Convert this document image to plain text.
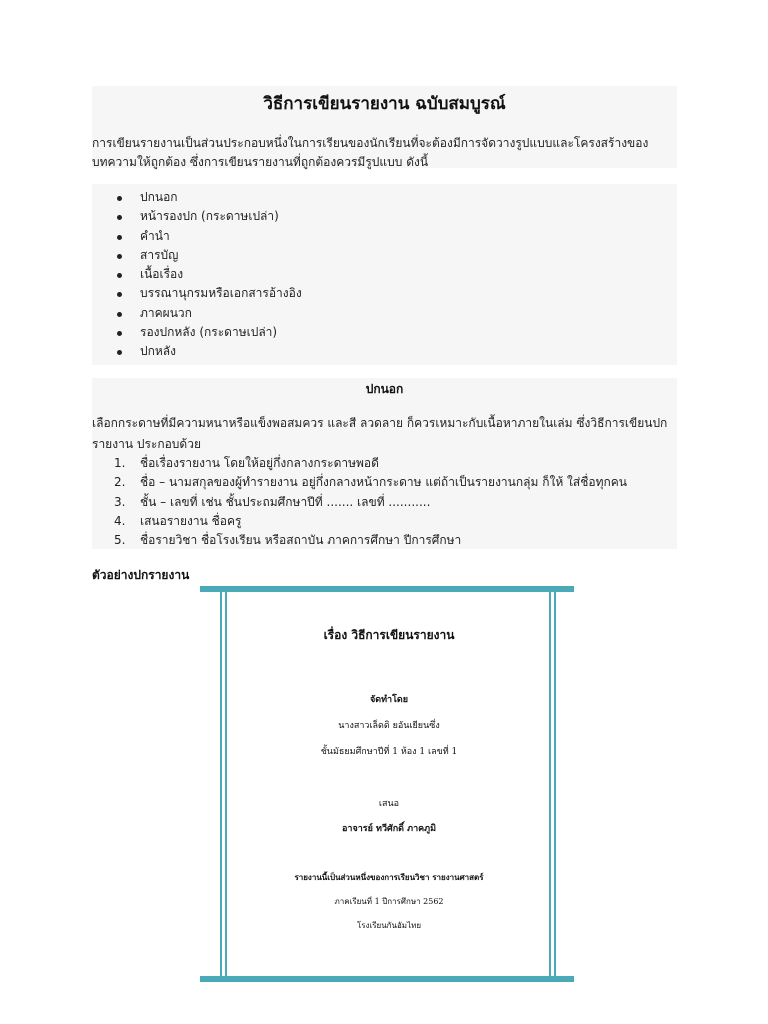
วิธีการเขียนรายงาน ฉบับสมบูรณ์
การเขียนรายงานเป็นส่วนประกอบหนึ่งในการเรียนของนักเรียนที่จะต้องมีการจัดวางรูปแบบและโครงสร้างของบทความให้ถูกต้อง ซึ่งการเขียนรายงานที่ถูกต้องควรมีรูปแบบ ดังนี้
ปกนอก
หน้ารองปก (กระดาษเปล่า)
คำนำ
สารบัญ
เนื้อเรื่อง
บรรณานุกรมหรือเอกสารอ้างอิง
ภาคผนวก
รองปกหลัง (กระดาษเปล่า)
ปกหลัง
ปกนอก
เลือกกระดาษที่มีความหนาหรือแข็งพอสมควร และสี ลวดลาย ก็ควรเหมาะกับเนื้อหาภายในเล่ม ซึ่งวิธีการเขียนปกรายงาน ประกอบด้วย
1. ชื่อเรื่องรายงาน โดยให้อยู่กึ่งกลางกระดาษพอดี
2. ชื่อ – นามสกุลของผู้ทำรายงาน อยู่กึ่งกลางหน้ากระดาษ แต่ถ้าเป็นรายงานกลุ่ม ก็ให้ ใส่ชื่อทุกคน
3. ชั้น – เลขที่ เช่น ชั้นประถมศึกษาปีที่ ....... เลขที่ ...........
4. เสนอรายงาน ชื่อครู
5. ชื่อรายวิชา ชื่อโรงเรียน หรือสถาบัน ภาคการศึกษา ปีการศึกษา
ตัวอย่างปกรายงาน
เรื่อง วิธีการเขียนรายงาน
จัดทำโดย
นางสาวเล็ดดิ ยอันเยียนซึ่ง
ชั้นมัธยมศึกษาปีที่ 1 ห้อง 1 เลขที่ 1
เสนอ
อาจารย์ ทวีศักดิ์ ภาคภูมิ
รายงานนี้เป็นส่วนหนึ่งของการเรียนวิชา รายงานศาสตร์
ภาคเรียนที่ 1 ปีการศึกษา 2562
โรงเรียนกันอัมไทย
